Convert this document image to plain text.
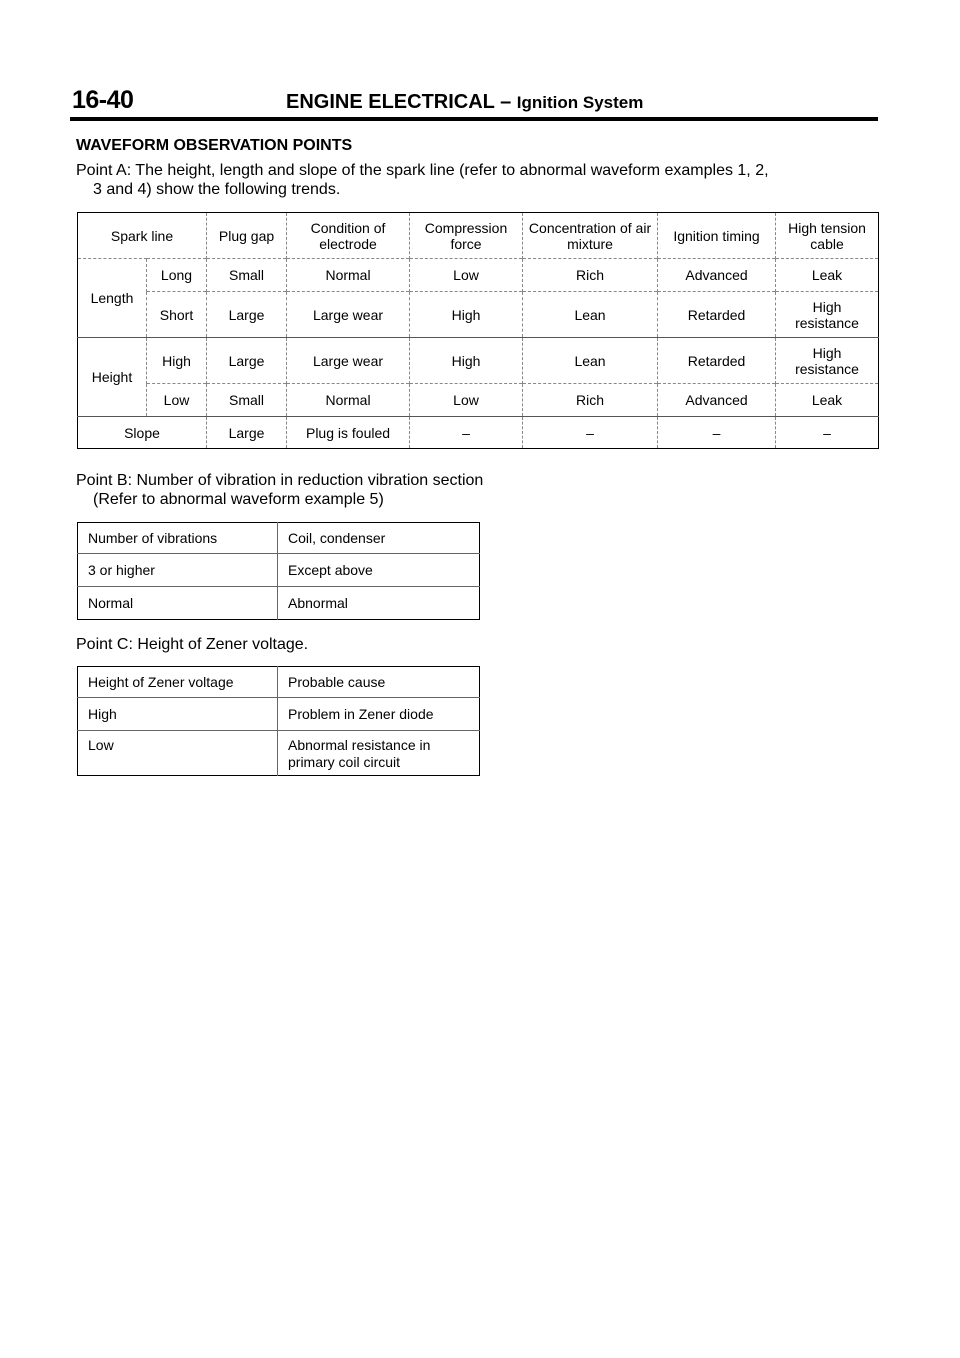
16-40	ENGINE ELECTRICAL – Ignition System
WAVEFORM OBSERVATION POINTS
Point A: The height, length and slope of the spark line (refer to abnormal waveform examples 1, 2,
3 and 4) show the following trends.
Spark line		Plug gap	Condition of electrode	Compression force	Concentration of air mixture	Ignition timing	High tension cable
Length	Long	Small	Normal	Low	Rich	Advanced	Leak
	Short	Large	Large wear	High	Lean	Retarded	High resistance
Height	High	Large	Large wear	High	Lean	Retarded	High resistance
	Low	Small	Normal	Low	Rich	Advanced	Leak
Slope		Large	Plug is fouled	–	–	–	–
Point B: Number of vibration in reduction vibration section
(Refer to abnormal waveform example 5)
Number of vibrations	Coil, condenser
3 or higher	Except above
Normal	Abnormal
Point C: Height of Zener voltage.
Height of Zener voltage	Probable cause
High	Problem in Zener diode
Low	Abnormal resistance in primary coil circuit
